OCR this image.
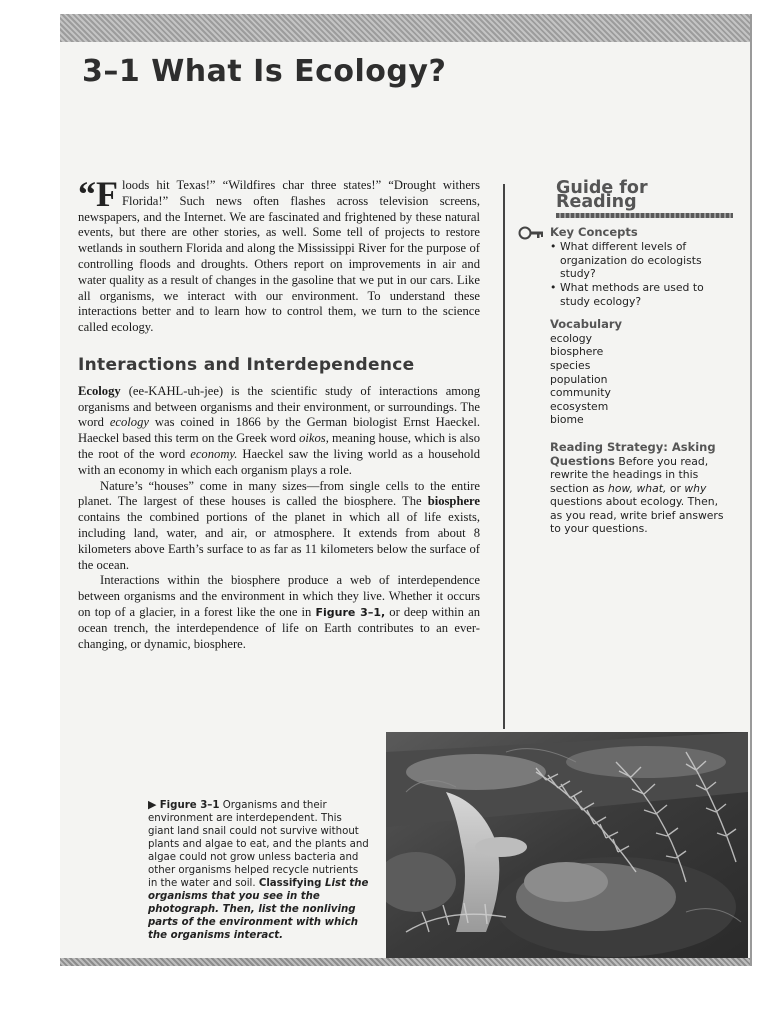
3–1 What Is Ecology?

“Floods hit Texas!” “Wildfires char three states!” “Drought withers Florida!” Such news often flashes across television screens, newspapers, and the Internet. We are fascinated and frightened by these natural events, but there are other stories, as well. Some tell of projects to restore wetlands in southern Florida and along the Mississippi River for the purpose of controlling floods and droughts. Others report on improvements in air and water quality as a result of changes in the gasoline that we put in our cars. Like all organisms, we interact with our environment. To understand these interactions better and to learn how to control them, we turn to the science called ecology.

Interactions and Interdependence

Ecology (ee-KAHL-uh-jee) is the scientific study of interactions among organisms and between organisms and their environment, or surroundings. The word ecology was coined in 1866 by the German biologist Ernst Haeckel. Haeckel based this term on the Greek word oikos, meaning house, which is also the root of the word economy. Haeckel saw the living world as a household with an economy in which each organism plays a role.

Nature’s “houses” come in many sizes—from single cells to the entire planet. The largest of these houses is called the biosphere. The biosphere contains the combined portions of the planet in which all of life exists, including land, water, and air, or atmosphere. It extends from about 8 kilometers above Earth’s surface to as far as 11 kilometers below the surface of the ocean.

Interactions within the biosphere produce a web of interdependence between organisms and the environment in which they live. Whether it occurs on top of a glacier, in a forest like the one in Figure 3–1, or deep within an ocean trench, the interdependence of life on Earth contributes to an ever-changing, or dynamic, biosphere.

Guide for Reading
Key Concepts
• What different levels of organization do ecologists study?
• What methods are used to study ecology?
Vocabulary
ecology
biosphere
species
population
community
ecosystem
biome
Reading Strategy: Asking Questions Before you read, rewrite the headings in this section as how, what, or why questions about ecology. Then, as you read, write brief answers to your questions.
▶ Figure 3–1 Organisms and their environment are interdependent. This giant land snail could not survive without plants and algae to eat, and the plants and algae could not grow unless bacteria and other organisms helped recycle nutrients in the water and soil. Classifying List the organisms that you see in the photograph. Then, list the nonliving parts of the environment with which the organisms interact.
